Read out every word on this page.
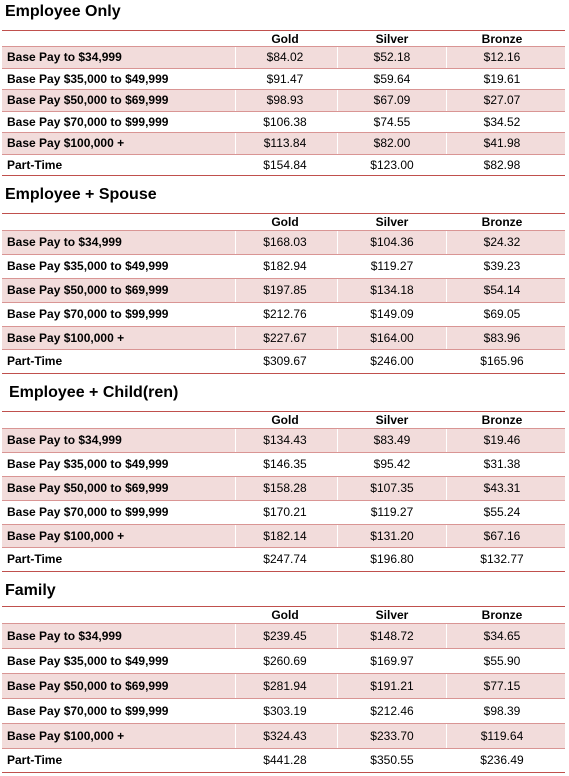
Employee Only
Gold	Silver	Bronze
Base Pay to $34,999	$84.02	$52.18	$12.16
Base Pay $35,000 to $49,999	$91.47	$59.64	$19.61
Base Pay $50,000 to $69,999	$98.93	$67.09	$27.07
Base Pay $70,000 to $99,999	$106.38	$74.55	$34.52
Base Pay $100,000 +	$113.84	$82.00	$41.98
Part-Time	$154.84	$123.00	$82.98
Employee + Spouse
Gold	Silver	Bronze
Base Pay to $34,999	$168.03	$104.36	$24.32
Base Pay $35,000 to $49,999	$182.94	$119.27	$39.23
Base Pay $50,000 to $69,999	$197.85	$134.18	$54.14
Base Pay $70,000 to $99,999	$212.76	$149.09	$69.05
Base Pay $100,000 +	$227.67	$164.00	$83.96
Part-Time	$309.67	$246.00	$165.96
Employee + Child(ren)
Gold	Silver	Bronze
Base Pay to $34,999	$134.43	$83.49	$19.46
Base Pay $35,000 to $49,999	$146.35	$95.42	$31.38
Base Pay $50,000 to $69,999	$158.28	$107.35	$43.31
Base Pay $70,000 to $99,999	$170.21	$119.27	$55.24
Base Pay $100,000 +	$182.14	$131.20	$67.16
Part-Time	$247.74	$196.80	$132.77
Family
Gold	Silver	Bronze
Base Pay to $34,999	$239.45	$148.72	$34.65
Base Pay $35,000 to $49,999	$260.69	$169.97	$55.90
Base Pay $50,000 to $69,999	$281.94	$191.21	$77.15
Base Pay $70,000 to $99,999	$303.19	$212.46	$98.39
Base Pay $100,000 +	$324.43	$233.70	$119.64
Part-Time	$441.28	$350.55	$236.49
